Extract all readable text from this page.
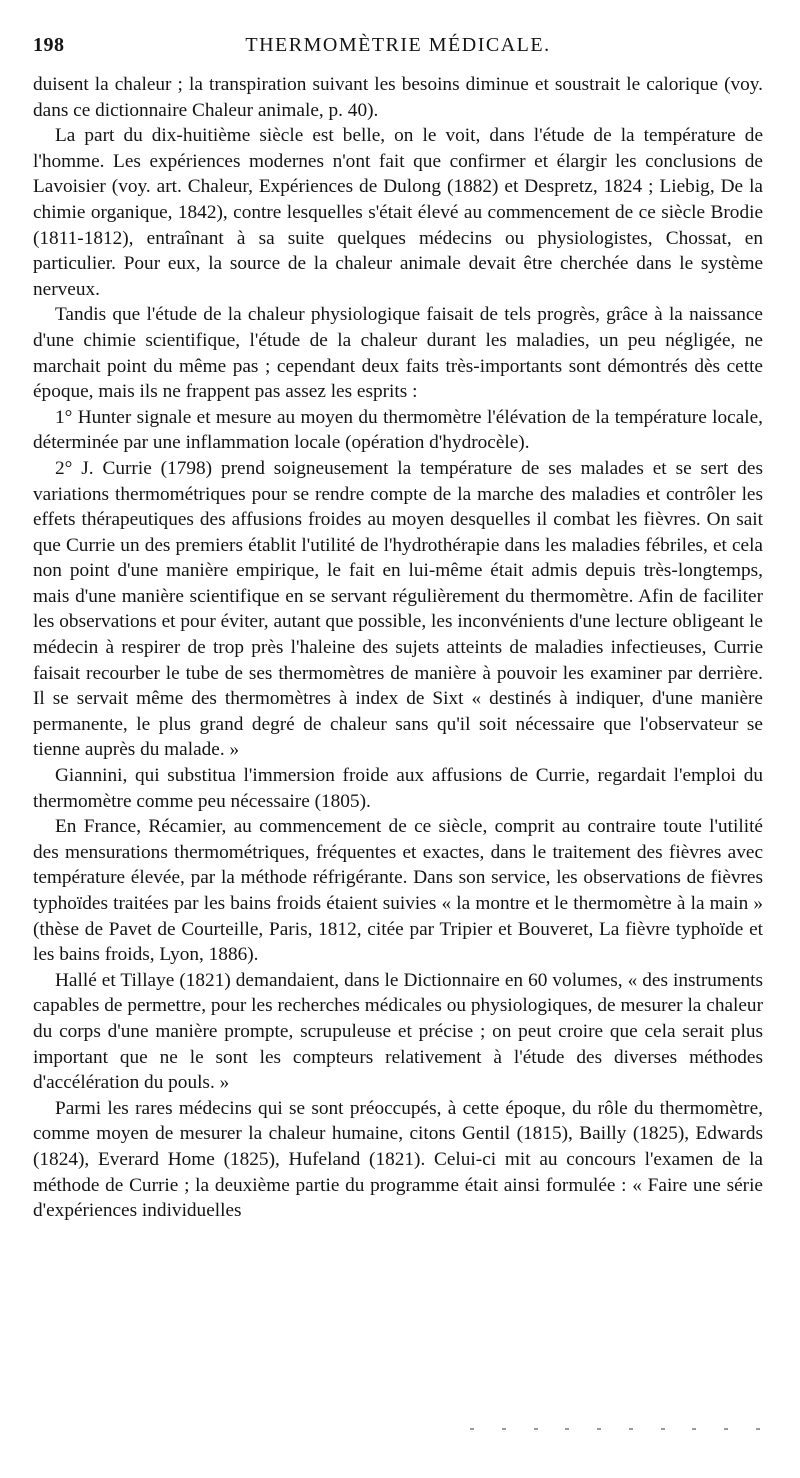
198	THERMOMÈTRIE MÉDICALE.

duisent la chaleur ; la transpiration suivant les besoins diminue et soustrait le calorique (voy. dans ce dictionnaire Chaleur animale, p. 40).

La part du dix-huitième siècle est belle, on le voit, dans l'étude de la température de l'homme. Les expériences modernes n'ont fait que confirmer et élargir les conclusions de Lavoisier (voy. art. Chaleur, Expériences de Dulong (1882) et Despretz, 1824 ; Liebig, De la chimie organique, 1842), contre lesquelles s'était élevé au commencement de ce siècle Brodie (1811-1812), entraînant à sa suite quelques médecins ou physiologistes, Chossat, en particulier. Pour eux, la source de la chaleur animale devait être cherchée dans le système nerveux.

Tandis que l'étude de la chaleur physiologique faisait de tels progrès, grâce à la naissance d'une chimie scientifique, l'étude de la chaleur durant les maladies, un peu négligée, ne marchait point du même pas ; cependant deux faits très-importants sont démontrés dès cette époque, mais ils ne frappent pas assez les esprits :

1° Hunter signale et mesure au moyen du thermomètre l'élévation de la température locale, déterminée par une inflammation locale (opération d'hydrocèle).

2° J. Currie (1798) prend soigneusement la température de ses malades et se sert des variations thermométriques pour se rendre compte de la marche des maladies et contrôler les effets thérapeutiques des affusions froides au moyen desquelles il combat les fièvres. On sait que Currie un des premiers établit l'utilité de l'hydrothérapie dans les maladies fébriles, et cela non point d'une manière empirique, le fait en lui-même était admis depuis très-longtemps, mais d'une manière scientifique en se servant régulièrement du thermomètre. Afin de faciliter les observations et pour éviter, autant que possible, les inconvénients d'une lecture obligeant le médecin à respirer de trop près l'haleine des sujets atteints de maladies infectieuses, Currie faisait recourber le tube de ses thermomètres de manière à pouvoir les examiner par derrière. Il se servait même des thermomètres à index de Sixt « destinés à indiquer, d'une manière permanente, le plus grand degré de chaleur sans qu'il soit nécessaire que l'observateur se tienne auprès du malade. »

Giannini, qui substitua l'immersion froide aux affusions de Currie, regardait l'emploi du thermomètre comme peu nécessaire (1805).

En France, Récamier, au commencement de ce siècle, comprit au contraire toute l'utilité des mensurations thermométriques, fréquentes et exactes, dans le traitement des fièvres avec température élevée, par la méthode réfrigérante. Dans son service, les observations de fièvres typhoïdes traitées par les bains froids étaient suivies « la montre et le thermomètre à la main » (thèse de Pavet de Courteille, Paris, 1812, citée par Tripier et Bouveret, La fièvre typhoïde et les bains froids, Lyon, 1886).

Hallé et Tillaye (1821) demandaient, dans le Dictionnaire en 60 volumes, « des instruments capables de permettre, pour les recherches médicales ou physiologiques, de mesurer la chaleur du corps d'une manière prompte, scrupuleuse et précise ; on peut croire que cela serait plus important que ne le sont les compteurs relativement à l'étude des diverses méthodes d'accélération du pouls. »

Parmi les rares médecins qui se sont préoccupés, à cette époque, du rôle du thermomètre, comme moyen de mesurer la chaleur humaine, citons Gentil (1815), Bailly (1825), Edwards (1824), Everard Home (1825), Hufeland (1821). Celui-ci mit au concours l'examen de la méthode de Currie ; la deuxième partie du programme était ainsi formulée : « Faire une série d'expériences individuelles
